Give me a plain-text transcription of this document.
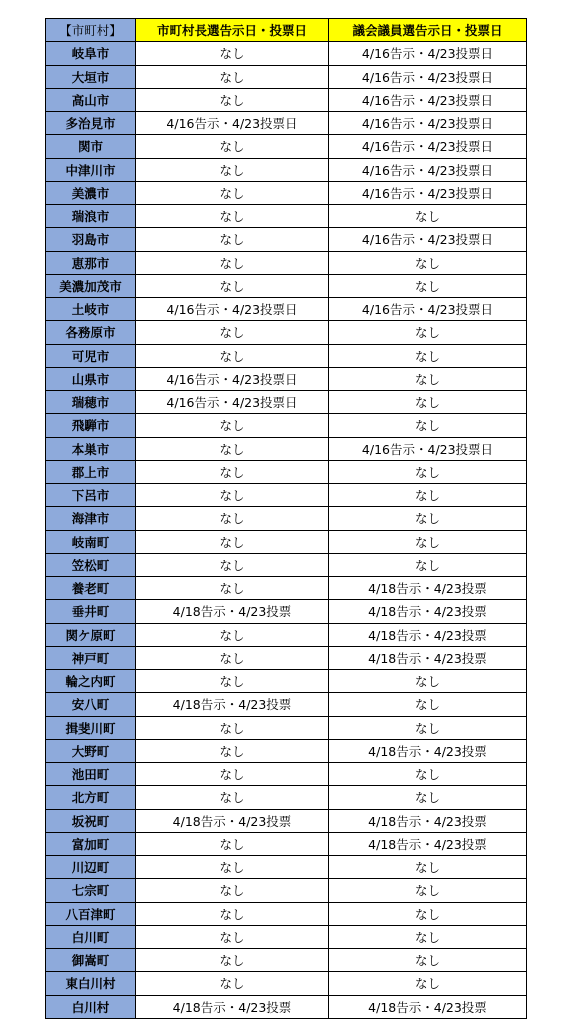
【市町村】	市町村長選告示日・投票日	議会議員選告示日・投票日
岐阜市	なし	4/16告示・4/23投票日
大垣市	なし	4/16告示・4/23投票日
高山市	なし	4/16告示・4/23投票日
多治見市	4/16告示・4/23投票日	4/16告示・4/23投票日
関市	なし	4/16告示・4/23投票日
中津川市	なし	4/16告示・4/23投票日
美濃市	なし	4/16告示・4/23投票日
瑞浪市	なし	なし
羽島市	なし	4/16告示・4/23投票日
恵那市	なし	なし
美濃加茂市	なし	なし
土岐市	4/16告示・4/23投票日	4/16告示・4/23投票日
各務原市	なし	なし
可児市	なし	なし
山県市	4/16告示・4/23投票日	なし
瑞穂市	4/16告示・4/23投票日	なし
飛騨市	なし	なし
本巣市	なし	4/16告示・4/23投票日
郡上市	なし	なし
下呂市	なし	なし
海津市	なし	なし
岐南町	なし	なし
笠松町	なし	なし
養老町	なし	4/18告示・4/23投票
垂井町	4/18告示・4/23投票	4/18告示・4/23投票
関ケ原町	なし	4/18告示・4/23投票
神戸町	なし	4/18告示・4/23投票
輪之内町	なし	なし
安八町	4/18告示・4/23投票	なし
揖斐川町	なし	なし
大野町	なし	4/18告示・4/23投票
池田町	なし	なし
北方町	なし	なし
坂祝町	4/18告示・4/23投票	4/18告示・4/23投票
富加町	なし	4/18告示・4/23投票
川辺町	なし	なし
七宗町	なし	なし
八百津町	なし	なし
白川町	なし	なし
御嵩町	なし	なし
東白川村	なし	なし
白川村	4/18告示・4/23投票	4/18告示・4/23投票
